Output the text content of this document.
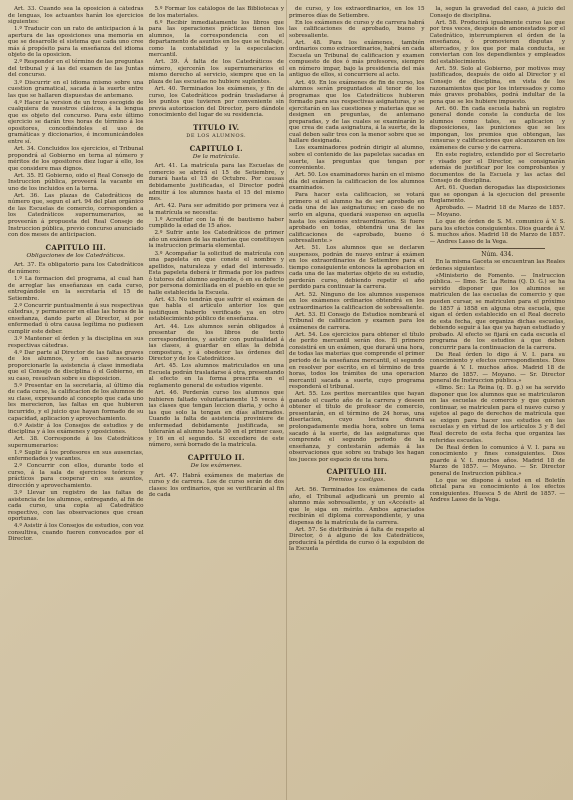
Art. 33. Cuando sea la oposicion á cátedras de lenguas, los actuantes harán los ejercicios siguientes:

1.º Traducir con un rato de anticipacion á la apertura de las oposiciones una memoria en que se desarrolle el sistema que cada uno cree más á propósito para la enseñanza del idioma objeto de la oposicion.

2.º Responder en el término de las preguntas del tribunal y á las del examen de las Juntas del concurso.

3.º Discurrir en el idioma mismo sobre una cuestion gramatical, sacada á la suerte entre las que se hallaren dispuestas de antemano.

4.º Hacer la version de un trozo escogido de cualquiera de nuestros clásicos, á la lengua que es objeto del concurso. Para este último ejercicio se darán tres horas de término á los opositores, concediéndoles el uso de gramáticas y diccionarios, é incomunicándoles entre sí.

Art. 34. Concluidos los ejercicios, el Tribunal propondrá al Gobierno en terna al número y méritos de los opositores diez lugar á ello, los que considere mas dignos.

Art. 35. El Gobierno, oido el Real Consejo de Instruccion pública, proveerá la vacante en uno de los incluidos en la terna.

Art. 36. Las plazas de Catedráticos de número que, segun el art. 94 del plan orgánico de las Escuelas de comercio, corresponden a los Catedráticos supernumerarios, se proveerán á propuesta del Real Consejo de Instruccion pública, previo concurso anunciado con dos meses de anticipacion.

CAPITULO III.
Obligaciones de los Catedráticos.

Art. 37. Es obligatorio para los Catedráticos de número:

1.º La formacion del programa, al cual han de arreglar las enseñanzas en cada curso, entregándole en la secretaría el 15 de Setiembre.

2.º Concurrir puntualmente á sus respectivas cátedras, y permanecer en ellas las horas de la enseñanza, dando parte al Director, si por enfermedad ú otra causa legítima no pudiesen cumplir este deber.

3.º Mantener el órden y la disciplina en sus respectivas cátedras.

4.º Dar parte al Director de las faltas graves de los alumnos, y en caso necesario proporcionarle la asistencia á clase inmediata que el Consejo de disciplina ó el Gobierno, en su caso, resuelvan sobre su disposicion.

5.º Presentar en la secretaría, al último día de cada curso, la calificacion de los alumnos de su clase, expresando al concepto que cada uno les merecieron, las faltas en que hubieren incurrido, y el juicio que hayan formado de su capacidad, aplicacion y aprovechamiento.

6.º Asistir á los Consejos de estudios y de disciplina y á los exámenes y oposiciones.

Art. 38. Corresponde á los Catedráticos supernumerarios:

1.º Suplir á los profesores en sus ausencias, enfermedades y vacantes.

2.º Concurrir con ellos, durante todo el curso, á la sala de ejercicios teóricos y prácticos para cooperar en sus asuntos, dirección y aprovechamiento.

3.º Llevar un registro de las faltas de asistencia de los alumnos, entregando, al fin de cada curso, una copia al Catedrático respectivo, con las observaciones que crean oportunas.

4.º Asistir á los Consejos de estudios, con voz consultiva, cuando fueren convocados por el Director.

5.º Formar los catálogos de las Bibliotecas y de los materiales.

6.º Recibir inmediatamente los libros que para las operaciones prácticas tienen los alumnos, la correspondencia con el departamento de asuntos en los que se trabaje, como la contabilidad y la especulacion mercantil.

Art. 39. Á falta de los Catedráticos de número, ejercerán los supernumerarios el mismo derecho al servicio, siempre que en la plaza de las escuelas no hubiere suplentes.

Art. 40. Terminados los exámenes, y fin de curso, los Catedráticos podrán trasladarse á los puntos que tuvieren por conveniente sin previa autorizacion del Director, pero dándole conocimiento del lugar de su residencia.

TITULO IV.
DE LOS ALUMNOS.
CAPITULO I.
De la matrícula.

Art. 41. La matrícula para las Escuelas de comercio se abrirá el 15 de Setiembre, y durará hasta el 15 de Octubre. Por causas debidamente justificadas, el Director podrá admitir á los alumnos hasta el 15 del mismo mes.

Art. 42. Para ser admitido por primera vez á la matrícula se necesita:

1.º Acreditar con la fé de bautismo haber cumplido la edad de 15 años.

2.º Sufrir ante los Catedráticos de primer año un exámen de las materias que constituyen la instruccion primaria elemental.

3.º Acompañar la solicitud de matrícula con una papeleta en que conste el nombre y apellidos, naturaleza y edad del interesado. Esta papeleta deberá ir firmada por los padres ó tutores del alumno aspirante, ó en su defecto por persona domiciliada en el pueblo en que se halle establecida la Escuela.

Art. 43. No tendrán que sufrir el exámen de que habla el artículo anterior los que justifiquen haberlo verificado ya en otro establecimiento público de enseñanza.

Art. 44. Los alumnos serán obligados á presentar de los libros de texto correspondientes, y asistir con puntualidad á las clases, á guardar en ellas la debida compostura, y á obedecer las órdenes del Director y de los Catedráticos.

Art. 45. Los alumnos matriculados en una Escuela podrán trasladarse á otra, presentando al efecto en la forma prescrita en el reglamento general de estudios vigente.

Art. 46. Perderán curso los alumnos que hubieren faltado voluntariamente 15 veces á las clases que tengan leccion diaria, y ocho á las que solo la tengan en días alternados. Cuando la falta de asistencia proviniere de enfermedad debidamente justificada, se tolerarán al alumno hasta 30 en el primer caso, y 16 en el segundo. Si excediere de este número, será borrado de la matrícula.

CAPITULO II.
De los exámenes.

Art. 47. Habrá exámenes de materias de curso y de carrera. Los de curso serán de dos clases: los ordinarios, que se verificarán al fin de cada

de curso, y los extraordinarios, en los 15 primeros días de Setiembre.

En los exámenes de curso y de carrera habrá las calificaciones de aprobado, bueno y sobresaliente.

Art. 48. Para los exámenes, también ordinarios como extraordinarios, habrá en cada Escuela un Tribunal de calificacion y examen compuesto de dos ó más profesores, siempre en número impar, bajo la presidencia del más antiguo de ellos, si concurriere al acto.

Art. 49. En los exámenes de fin de curso, los alumnos serán preguntados al tenor de los programas que los Catedráticos hubieren formado para sus respectivas asignaturas, y se ejercitarán en las cuestiones y materias que se designen en preguntas, de antemano preparadas, y de las cuales se examinarán lo que crea de cada asignatura, á la suerte, de la cual deben salir tres con la menor sobre que se hallare designada.

Los examinadores podrán dirigir al alumno, sobre el contenido de las papeletas sacadas en suerte, las preguntas que tengan por conveniente.

Art. 50. Los examinadores harán en el mismo día del exámen la calificacion de los alumnos examinados.

Para hacer esta calificacion, se votará primero si el alumno ha de ser aprobado en cada una de las asignaturas; en caso de no serlo en alguna, quedará suspenso en aquella hasta los exámenes extraordinarios. Si fuere aprobado en todas, obtendrá una de las calificaciones de «aprobado, bueno ó sobresaliente.»

Art. 51. Los alumnos que se declaren suspensos, podrán de nuevo entrar á exámen en los extraordinarios de Setiembre para el tiempo consiguiente entonces la aprobacion en cada una de las materias objeto de su estudio, perderán curso, debiendo repetir el año perdido para continuar la carrera.

Art. 52. Ninguno de los alumnos suspensos en los exámenes ordinarios obtendrá en los extraordinarios la calificacion de sobresaliente.

Art. 53. El Consejo de Estudios nombrará el Tribunal de calificacion y examen para los exámenes de carrera.

Art. 54. Los ejercicios para obtener el título de perito mercantil serán dos. El primero consistirá en un exámen, que durará una hora, de todas las materias que comprende el primer periodo de la enseñanza mercantil, el segundo en resolver por escrito, en el término de tres horas, todos los trámites de una operacion mercantil sacada a suerte, cuyo programa responderá el tribunal.

Art. 55. Los peritos mercantiles que hayan ganado el cuarto año de la carrera y deseen obtener el título de profesor de comercio, presentarán, en el término de 24 horas, una disertacion, cuyo lectura durará prolongadamente media hora, sobre un tema sacado á la suerte, de las asignaturas que comprende el segundo periodo de la enseñanza, y contestarán además á las observaciones que sobre su trabajo les hagan los jueces por espacio de una hora.

CAPITULO III.
Premios y castigos.

Art. 56. Terminados los exámenes de cada año, el Tribunal adjudicará un premio al alumno más sobresaliente, y un «Accésit» al que le siga en mérito. Ambos agraciados recibirán el diploma correspondiente, y una dispensa de la matrícula de la carrera.

Art. 57. Se distribuirán á falta de respeto al Director, ó á alguno de los Catedráticos, producirá la pérdida de curso ó la expulsion de la Escuela

la, segun la gravedad del caso, á juicio del Consejo de disciplina.

Art. 58. Producirá igualmente curso las que por tres veces, después de amonestados por el Catedrático, interrumpieren el órden de la enseñanza, ó promovieren disputas y altercados, y los que por mala conducta, se conviertan con los dependientes y empleados del establecimiento.

Art. 59. Solo al Gobierno, por motivos muy justificados, después de oido al Director y el Consejo de disciplina, en vista de los razonamientos que por los interesados y como más graves probables, podrá indultar de la pena que se les hubiere impuesto.

Art. 60. En cada escuela habrá un registro general donde conste la conducta de los alumnos como tales, su aplicacion y disposiciones, las puniciones que se les impongan, los premios que obtengan, las censuras y calificaciones que alcanzaren en los exámenes de curso y de carrera.

En este registro, extendido por el Secretario y visado por el Director, se consignarán además de justificar por los comprobantes y documentos de la Escuela y las actas del Consejo de disciplina.

Art. 61. Quedan derogadas las disposiciones que se opongan á la ejecucion del presente Reglamento.

Aprobado. — Madrid 18 de Marzo de 1857. — Moyano.

Lo que de órden de S. M. comunico á V. S. para los efectos consiguientes. Dios guarde á V. S. muchos años. Madrid 18 de Marzo de 1857. — Andres Lasso de la Vega.

Núm. 434.

En la misma Gaceta se encuentran las Reales órdenes siguientes:

«Ministerio de Fomento. — Instruccion pública. — Ilmo. Sr. La Reina (Q. D. G.) se ha servido disponer que los alumnos se matriculen de las escuelas de comercio y que pueden cursar, se matriculen para el próximo de 1857 á 1858 en alguna otra escuela, que sigan el órden establecido en el Real decreto de esta fecha, que organiza dichas escuelas, debiendo seguir á las que ya hayan estudiado y probado. Al efecto se fijará en cada escuela el programa de los estudios á que deben concurrir para la continuacion de la carrera.

De Real órden lo digo á V. I. para su conocimiento y efectos correspondientes. Dios guarde á V. I. muchos años. Madrid 18 de Marzo de 1857. — Moyano. — Sr. Director general de Instruccion pública.»

«Ilmo. Sr.: La Reina (q. D. g.) se ha servido disponer que los alumnos que se matricularon en las escuelas de comercio y que quieran continuar, se matriculen para el nuevo curso y sujetos al pago de derechos de matrícula que se exigen para hacer sus estudios en las escuelas y en virtud de los artículos 3 y 8 del Real decreto de esta fecha que organiza las referidas escuelas.

De Real órden lo comunico á V. I. para su conocimiento y fines consiguientes. Dios guarde á V. I. muchos años. Madrid 18 de Marzo de 1857. — Moyano. — Sr. Director general de Instruccion pública.»

Lo que se dispone á usted en el Boletín oficial para su conocimiento á los efectos consiguientes. Huesca 5 de Abril de 1857. — Andres Lasso de la Vega.
